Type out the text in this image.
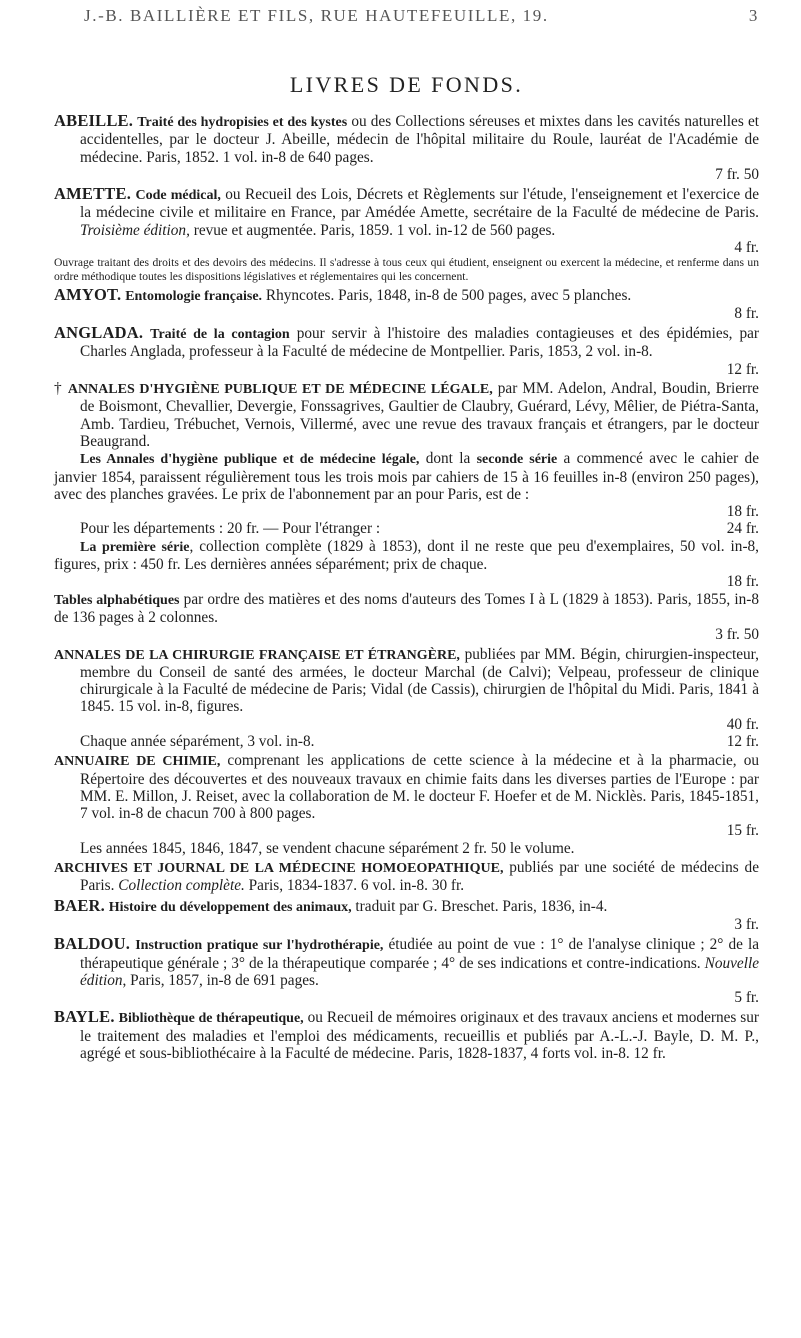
J.-B. BAILLIÈRE ET FILS, RUE HAUTEFEUILLE, 19.	3
LIVRES DE FONDS.

ABEILLE. Traité des hydropisies et des kystes ou des Collections séreuses et mixtes dans les cavités naturelles et accidentelles, par le docteur J. Abeille, médecin de l'hôpital militaire du Roule, lauréat de l'Académie de médecine. Paris, 1852. 1 vol. in-8 de 640 pages.

7 fr. 50

AMETTE. Code médical, ou Recueil des Lois, Décrets et Règlements sur l'étude, l'enseignement et l'exercice de la médecine civile et militaire en France, par Amédée Amette, secrétaire de la Faculté de médecine de Paris. Troisième édition, revue et augmentée. Paris, 1859. 1 vol. in-12 de 560 pages.

4 fr.

Ouvrage traitant des droits et des devoirs des médecins. Il s'adresse à tous ceux qui étudient, enseignent ou exercent la médecine, et renferme dans un ordre méthodique toutes les dispositions législatives et réglementaires qui les concernent.

AMYOT. Entomologie française. Rhyncotes. Paris, 1848, in-8 de 500 pages, avec 5 planches.

8 fr.

ANGLADA. Traité de la contagion pour servir à l'histoire des maladies contagieuses et des épidémies, par Charles Anglada, professeur à la Faculté de médecine de Montpellier. Paris, 1853, 2 vol. in-8.

12 fr.

† ANNALES D'HYGIÈNE PUBLIQUE ET DE MÉDECINE LÉGALE, par MM. Adelon, Andral, Boudin, Brierre de Boismont, Chevallier, Devergie, Fonssagrives, Gaultier de Claubry, Guérard, Lévy, Mêlier, de Piétra-Santa, Amb. Tardieu, Trébuchet, Vernois, Villermé, avec une revue des travaux français et étrangers, par le docteur Beaugrand.

Les Annales d'hygiène publique et de médecine légale, dont la seconde série a commencé avec le cahier de janvier 1854, paraissent régulièrement tous les trois mois par cahiers de 15 à 16 feuilles in-8 (environ 250 pages), avec des planches gravées. Le prix de l'abonnement par an pour Paris, est de :

18 fr.
Pour les départements : 20 fr. — Pour l'étranger :	24 fr.

La première série, collection complète (1829 à 1853), dont il ne reste que peu d'exemplaires, 50 vol. in-8, figures, prix : 450 fr. Les dernières années séparément; prix de chaque.

18 fr.

Tables alphabétiques par ordre des matières et des noms d'auteurs des Tomes I à L (1829 à 1853). Paris, 1855, in-8 de 136 pages à 2 colonnes.

3 fr. 50

ANNALES DE LA CHIRURGIE FRANÇAISE ET ÉTRANGÈRE, publiées par MM. Bégin, chirurgien-inspecteur, membre du Conseil de santé des armées, le docteur Marchal (de Calvi); Velpeau, professeur de clinique chirurgicale à la Faculté de médecine de Paris; Vidal (de Cassis), chirurgien de l'hôpital du Midi. Paris, 1841 à 1845. 15 vol. in-8, figures.

40 fr.
Chaque année séparément, 3 vol. in-8.	12 fr.

ANNUAIRE DE CHIMIE, comprenant les applications de cette science à la médecine et à la pharmacie, ou Répertoire des découvertes et des nouveaux travaux en chimie faits dans les diverses parties de l'Europe : par MM. E. Millon, J. Reiset, avec la collaboration de M. le docteur F. Hoefer et de M. Nicklès. Paris, 1845-1851, 7 vol. in-8 de chacun 700 à 800 pages.

15 fr.

Les années 1845, 1846, 1847, se vendent chacune séparément 2 fr. 50 le volume.

ARCHIVES ET JOURNAL DE LA MÉDECINE HOMOEOPATHIQUE, publiés par une société de médecins de Paris. Collection complète. Paris, 1834-1837. 6 vol. in-8. 30 fr.

BAER. Histoire du développement des animaux, traduit par G. Breschet. Paris, 1836, in-4.

3 fr.

BALDOU. Instruction pratique sur l'hydrothérapie, étudiée au point de vue : 1° de l'analyse clinique ; 2° de la thérapeutique générale ; 3° de la thérapeutique comparée ; 4° de ses indications et contre-indications. Nouvelle édition, Paris, 1857, in-8 de 691 pages.

5 fr.

BAYLE. Bibliothèque de thérapeutique, ou Recueil de mémoires originaux et des travaux anciens et modernes sur le traitement des maladies et l'emploi des médicaments, recueillis et publiés par A.-L.-J. Bayle, D. M. P., agrégé et sous-bibliothécaire à la Faculté de médecine. Paris, 1828-1837, 4 forts vol. in-8. 12 fr.
